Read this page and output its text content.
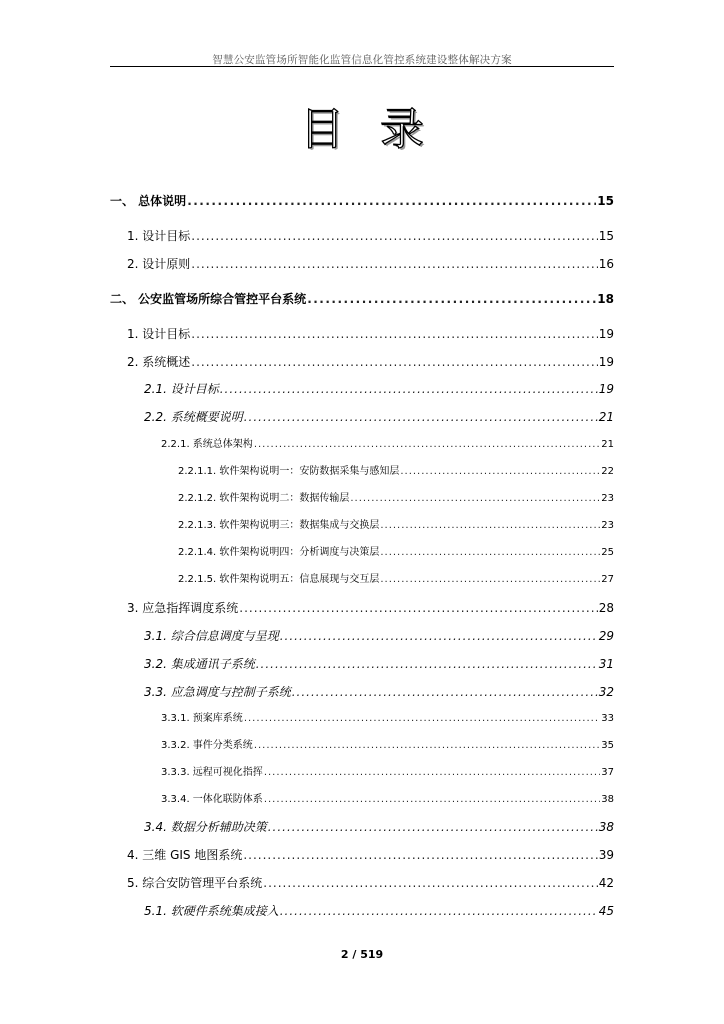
智慧公安监管场所智能化监管信息化管控系统建设整体解决方案
目录
一、 总体说明 .....	15
1. 设计目标 .....	15
2. 设计原则 .....	16
二、 公安监管场所综合管控平台系统 .....	18
1. 设计目标 .....	19
2. 系统概述 .....	19
2.1. 设计目标 .....	19
2.2. 系统概要说明 .....	21
2.2.1. 系统总体架构 .....	21
2.2.1.1. 软件架构说明一：安防数据采集与感知层 .....	22
2.2.1.2. 软件架构说明二：数据传输层 .....	23
2.2.1.3. 软件架构说明三：数据集成与交换层 .....	23
2.2.1.4. 软件架构说明四：分析调度与决策层 .....	25
2.2.1.5. 软件架构说明五：信息展现与交互层 .....	27
3. 应急指挥调度系统 .....	28
3.1. 综合信息调度与呈现 .....	29
3.2. 集成通讯子系统 .....	31
3.3. 应急调度与控制子系统 .....	32
3.3.1. 预案库系统 .....	33
3.3.2. 事件分类系统 .....	35
3.3.3. 远程可视化指挥 .....	37
3.3.4. 一体化联防体系 .....	38
3.4. 数据分析辅助决策 .....	38
4. 三维 GIS 地图系统 .....	39
5. 综合安防管理平台系统 .....	42
5.1. 软硬件系统集成接入 .....	45
2 / 519
